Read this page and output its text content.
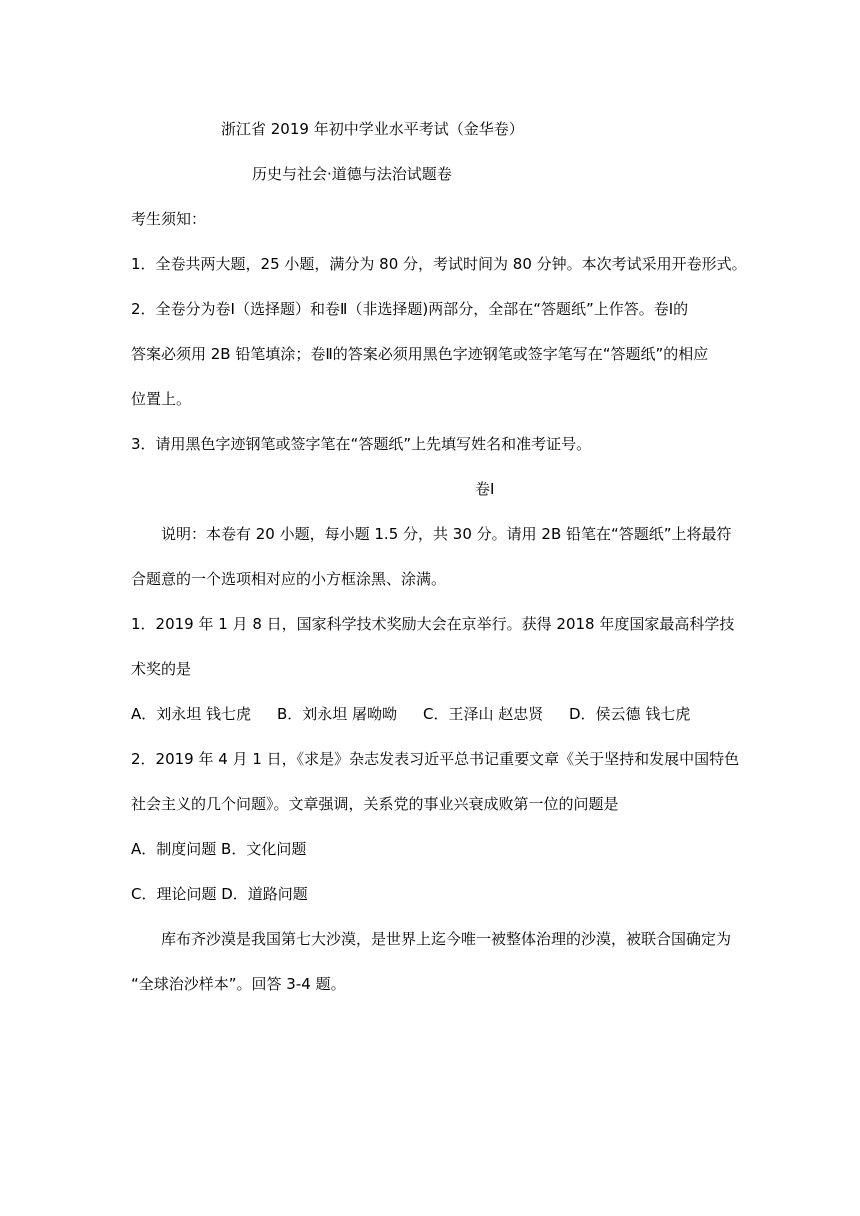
浙江省 2019 年初中学业水平考试（金华卷）
历史与社会·道德与法治试题卷
考生须知：
1．全卷共两大题，25 小题，满分为 80 分，考试时间为 80 分钟。本次考试采用开卷形式。
2．全卷分为卷Ⅰ（选择题）和卷Ⅱ（非选择题)两部分，全部在“答题纸”上作答。卷Ⅰ的
答案必须用 2B 铅笔填涂；卷Ⅱ的答案必须用黑色字迹钢笔或签字笔写在“答题纸”的相应
位置上。
3．请用黑色字迹钢笔或签字笔在“答题纸”上先填写姓名和准考证号。
卷Ⅰ
说明：本卷有 20 小题，每小题 1.5 分，共 30 分。请用 2B 铅笔在“答题纸”上将最符
合题意的一个选项相对应的小方框涂黑、涂满。
1．2019 年 1 月 8 日，国家科学技术奖励大会在京举行。获得 2018 年度国家最高科学技
术奖的是
A．刘永坦 钱七虎 B．刘永坦 屠呦呦 C．王泽山 赵忠贤 D．侯云德 钱七虎
2．2019 年 4 月 1 日，《求是》杂志发表习近平总书记重要文章《关于坚持和发展中国特色
社会主义的几个问题》。文章强调，关系党的事业兴衰成败第一位的问题是
A．制度问题 B．文化问题
C．理论问题 D．道路问题
库布齐沙漠是我国第七大沙漠，是世界上迄今唯一被整体治理的沙漠，被联合国确定为
“全球治沙样本”。回答 3-4 题。
